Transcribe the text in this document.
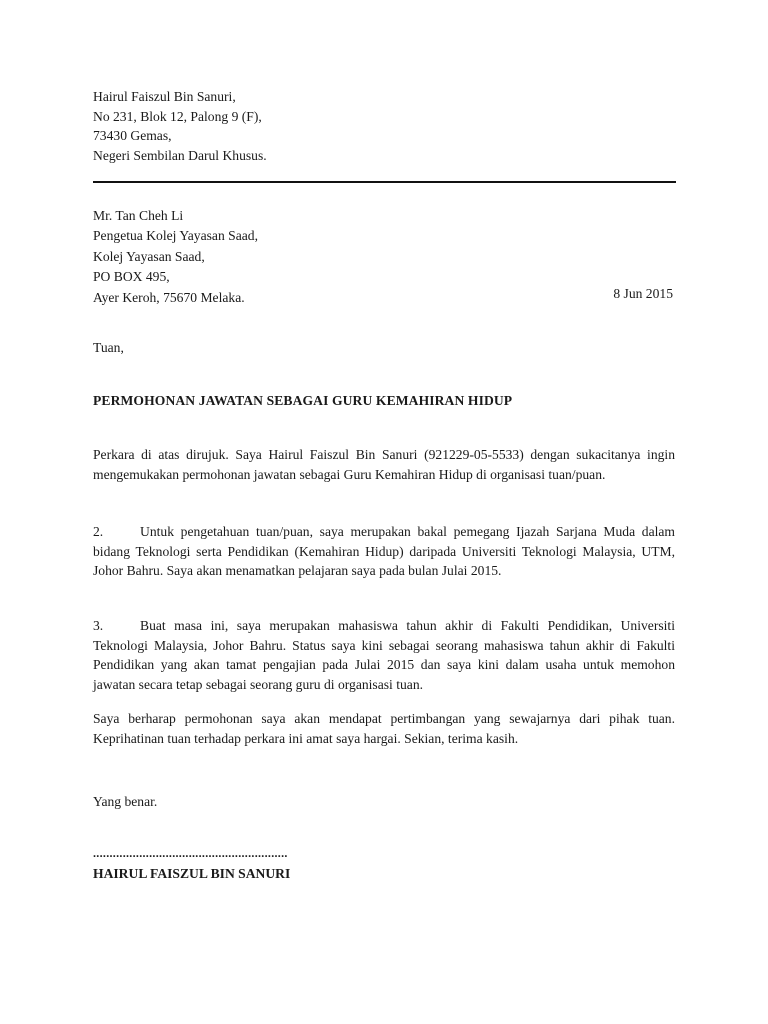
Hairul Faiszul Bin Sanuri,
No 231, Blok 12, Palong 9 (F),
73430 Gemas,
Negeri Sembilan Darul Khusus.
Mr. Tan Cheh Li
Pengetua Kolej Yayasan Saad,
Kolej Yayasan Saad,
PO BOX 495,
Ayer Keroh, 75670 Melaka.	8 Jun 2015
Tuan,
PERMOHONAN JAWATAN SEBAGAI GURU KEMAHIRAN HIDUP
Perkara di atas dirujuk. Saya Hairul Faiszul Bin Sanuri (921229-05-5533) dengan sukacitanya ingin mengemukakan permohonan jawatan sebagai Guru Kemahiran Hidup di organisasi tuan/puan.
2.	Untuk pengetahuan tuan/puan, saya merupakan bakal pemegang Ijazah Sarjana Muda dalam bidang Teknologi serta Pendidikan (Kemahiran Hidup) daripada Universiti Teknologi Malaysia, UTM, Johor Bahru. Saya akan menamatkan pelajaran saya pada bulan Julai 2015.
3.	Buat masa ini, saya merupakan mahasiswa tahun akhir di Fakulti Pendidikan, Universiti Teknologi Malaysia, Johor Bahru. Status saya kini sebagai seorang mahasiswa tahun akhir di Fakulti Pendidikan yang akan tamat pengajian pada Julai 2015 dan saya kini dalam usaha untuk memohon jawatan secara tetap sebagai seorang guru di organisasi tuan.
Saya berharap permohonan saya akan mendapat pertimbangan yang sewajarnya dari pihak tuan. Keprihatinan tuan terhadap perkara ini amat saya hargai. Sekian, terima kasih.
Yang benar.
...........................................................
HAIRUL FAISZUL BIN SANURI
